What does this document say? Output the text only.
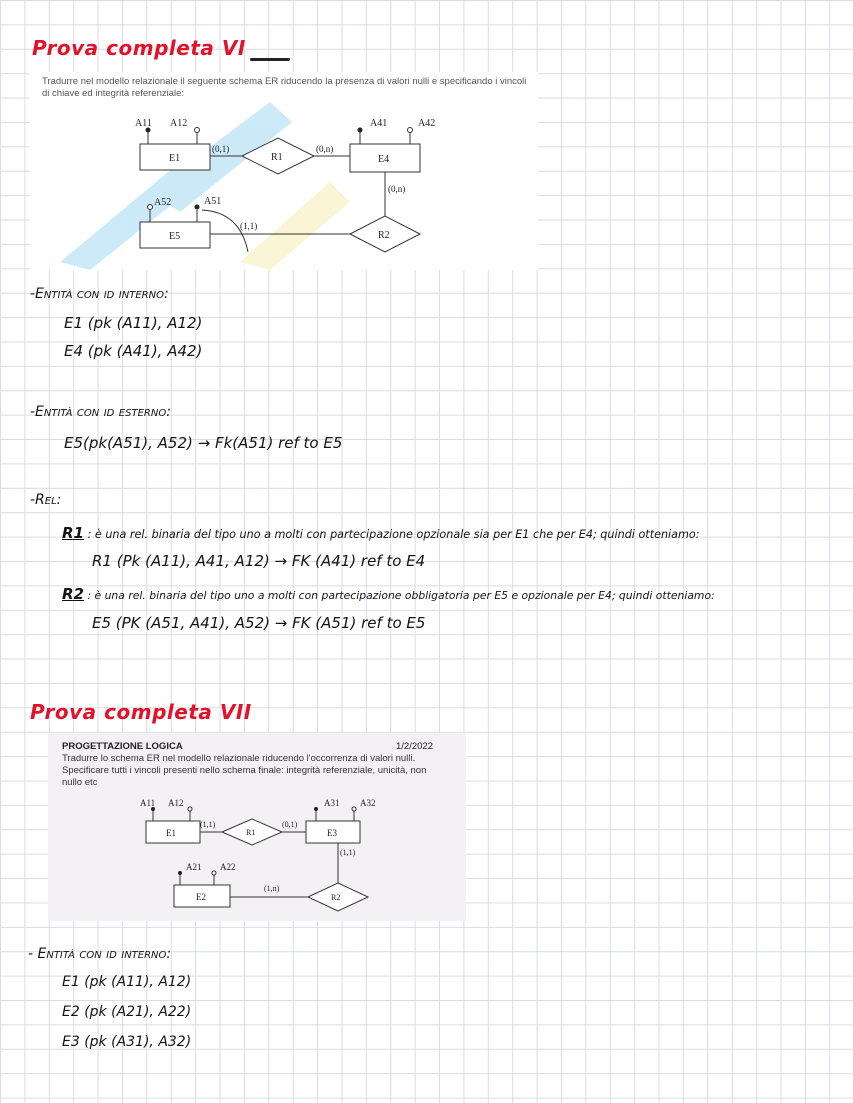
Prova completa VI
Tradurre nel modello relazionale il seguente schema ER riducendo la presenza di valori nulli e specificando i vincoli di chiave ed integrità referenziale:
E1
A11 A12
R1
(0,1)	(0,n)
E4
A41	A42
(0,n)
R2
E5
(1,1)
A52	A51
-Entità con id interno:
E1 (pk (A11), A12)
E4 (pk (A41), A42)
-Entità con id esterno:
E5(pk(A51), A52) → Fk(A51) ref to E5
-Rel:
R1 : è una rel. binaria del tipo uno a molti con partecipazione opzionale sia per E1 che per E4; quindi otteniamo:
R1 (Pk (A11), A41, A12) → FK (A41) ref to E4
R2 : è una rel. binaria del tipo uno a molti con partecipazione obbligatoria per E5 e opzionale per E4; quindi otteniamo:
E5 (PK (A51, A41), A52) → FK (A51) ref to E5
Prova completa VII
PROGETTAZIONE LOGICA	1/2/2022
Tradurre lo schema ER nel modello relazionale riducendo l'occorrenza di valori nulli.
Specificare tutti i vincoli presenti nello schema finale: integrità referenziale, unicità, non
nullo etc
E1
A11 A12
(1,1)
R1
(0,1)
E3
A31 A32
(1,1)
R2
E2
(1,n)
A21 A22
- Entità con id interno:
E1 (pk (A11), A12)
E2 (pk (A21), A22)
E3 (pk (A31), A32)
